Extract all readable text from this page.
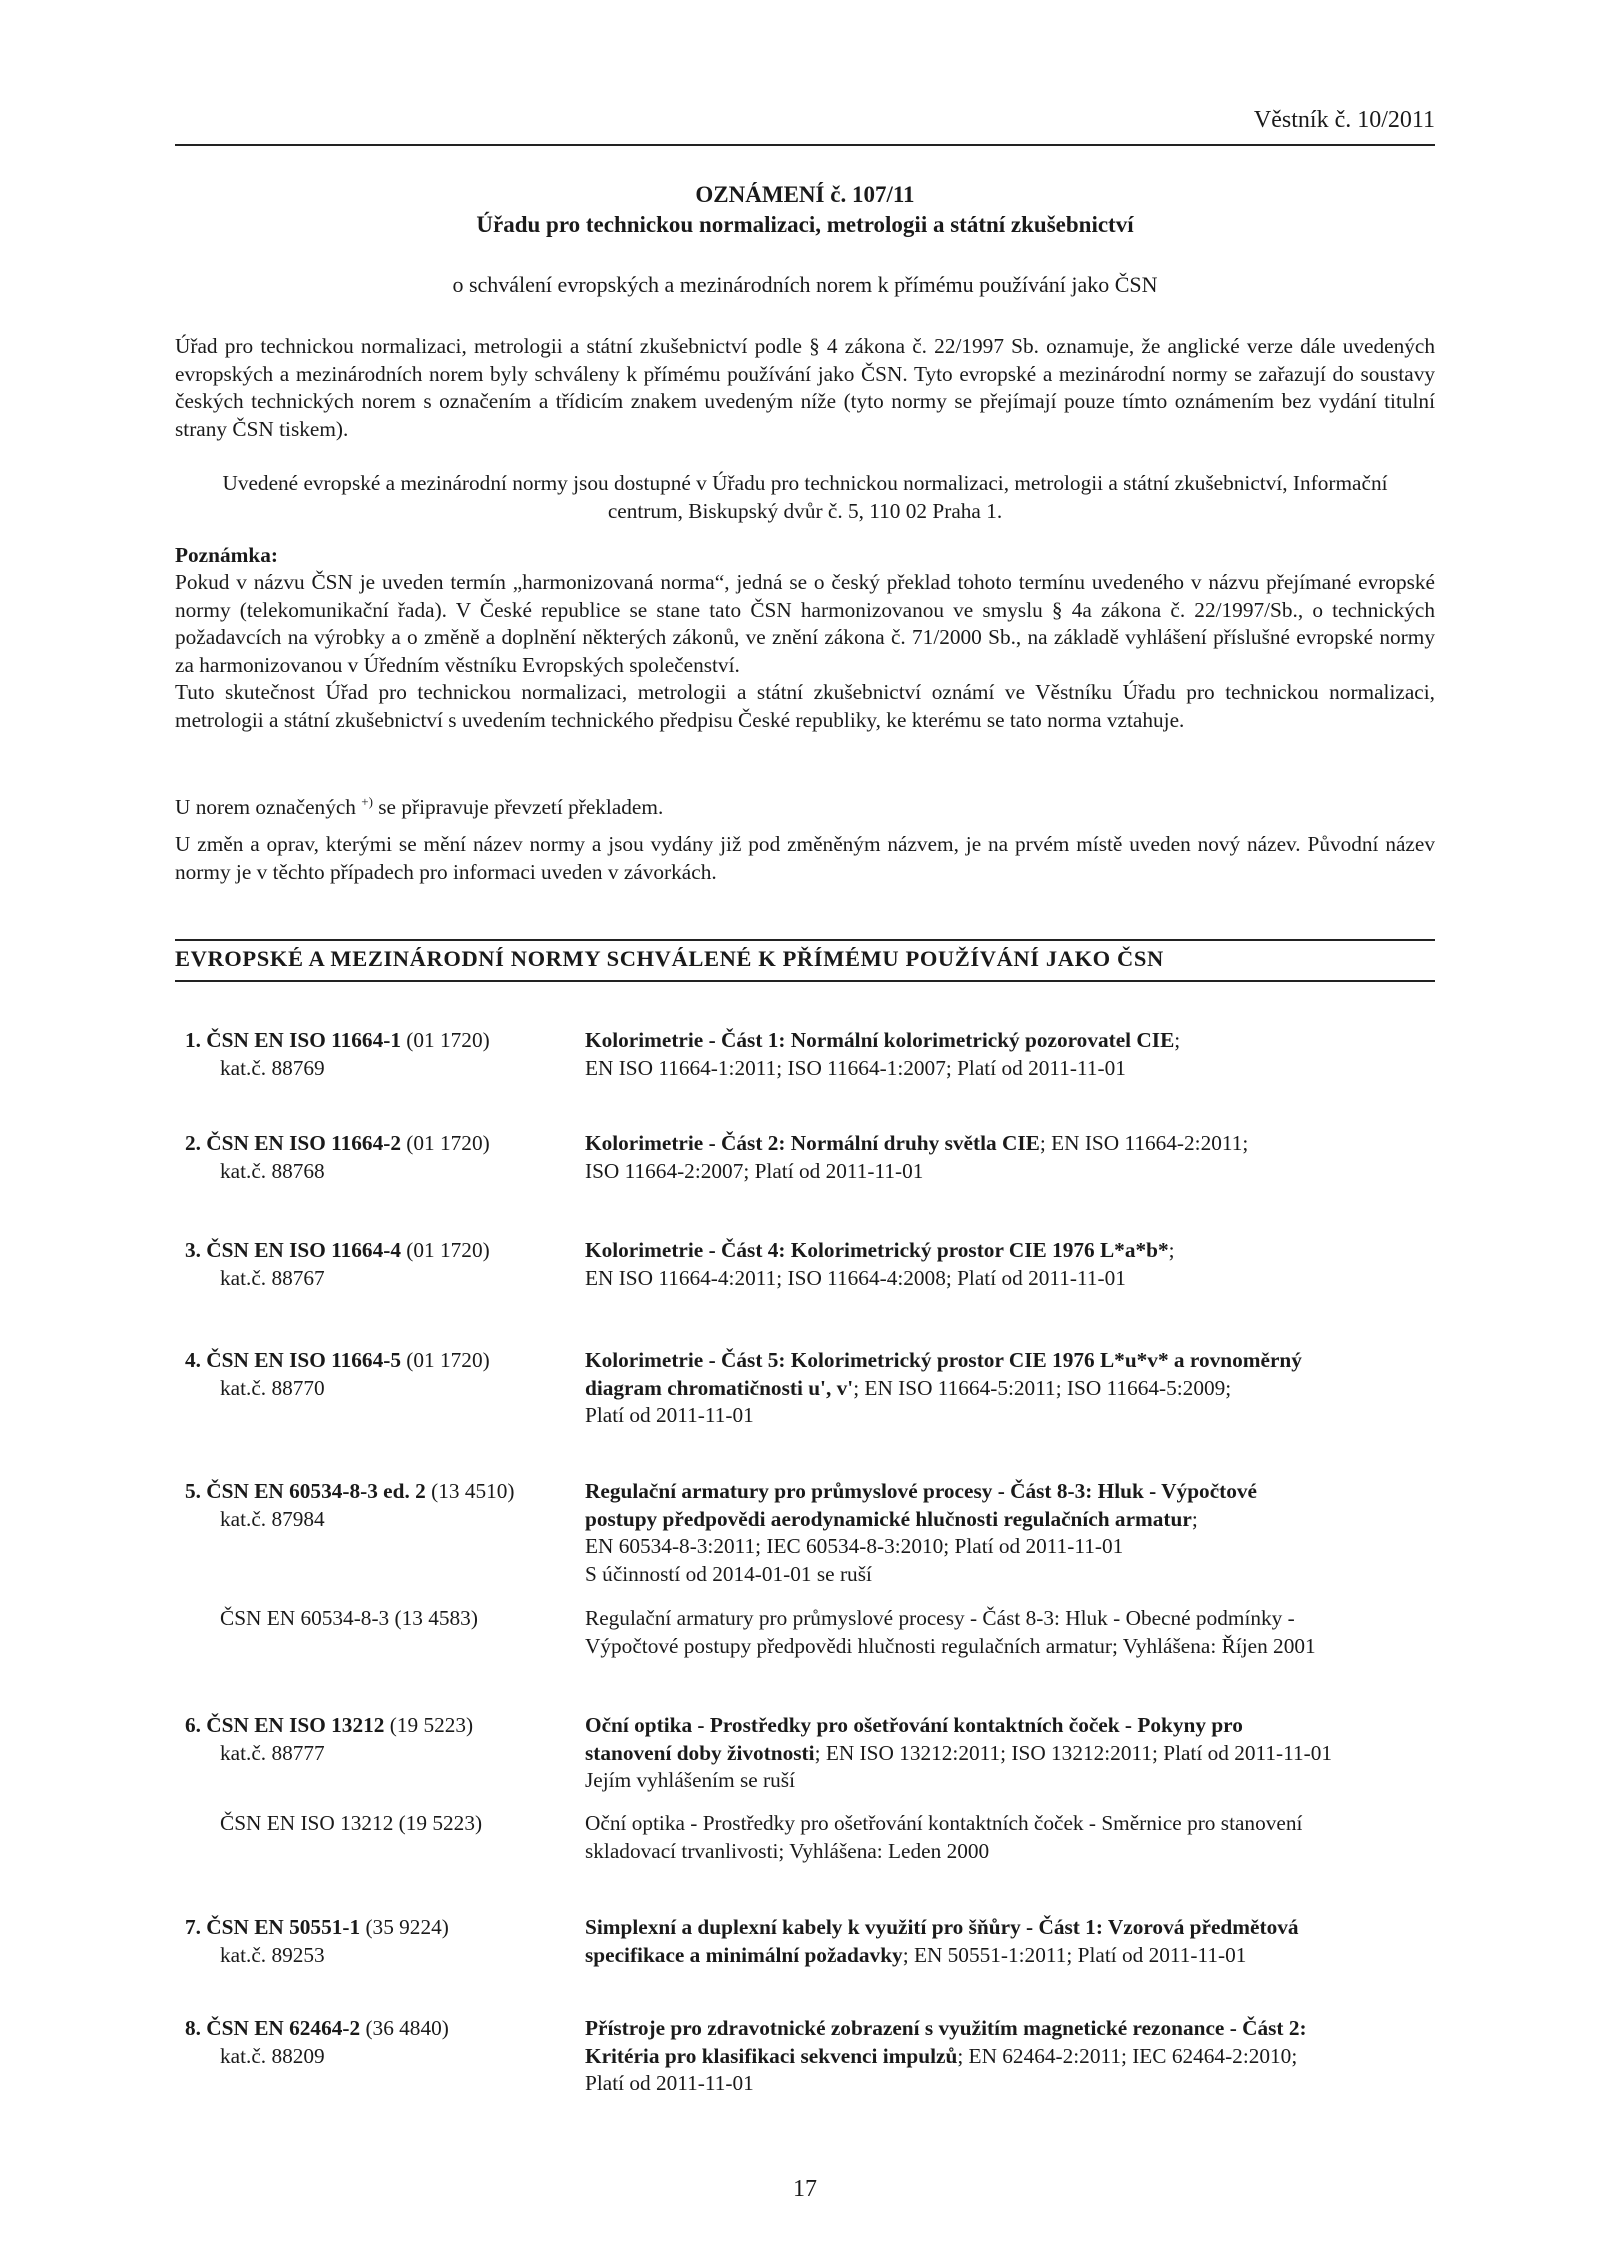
Věstník č. 10/2011
OZNÁMENÍ č. 107/11
Úřadu pro technickou normalizaci, metrologii a státní zkušebnictví
o schválení evropských a mezinárodních norem k přímému používání jako ČSN
Úřad pro technickou normalizaci, metrologii a státní zkušebnictví podle § 4 zákona č. 22/1997 Sb. oznamuje, že anglické verze dále uvedených evropských a mezinárodních norem byly schváleny k přímému používání jako ČSN. Tyto evropské a mezinárodní normy se zařazují do soustavy českých technických norem s označením a třídicím znakem uvedeným níže (tyto normy se přejímají pouze tímto oznámením bez vydání titulní strany ČSN tiskem).
Uvedené evropské a mezinárodní normy jsou dostupné v Úřadu pro technickou normalizaci, metrologii a státní zkušebnictví, Informační centrum, Biskupský dvůr č. 5, 110 02 Praha 1.
Poznámka:
Pokud v názvu ČSN je uveden termín „harmonizovaná norma“, jedná se o český překlad tohoto termínu uvedeného v názvu přejímané evropské normy (telekomunikační řada). V České republice se stane tato ČSN harmonizovanou ve smyslu § 4a zákona č. 22/1997/Sb., o technických požadavcích na výrobky a o změně a doplnění některých zákonů, ve znění zákona č. 71/2000 Sb., na základě vyhlášení příslušné evropské normy za harmonizovanou v Úředním věstníku Evropských společenství.
Tuto skutečnost Úřad pro technickou normalizaci, metrologii a státní zkušebnictví oznámí ve Věstníku Úřadu pro technickou normalizaci, metrologii a státní zkušebnictví s uvedením technického předpisu České republiky, ke kterému se tato norma vztahuje.
U norem označených +) se připravuje převzetí překladem.
U změn a oprav, kterými se mění název normy a jsou vydány již pod změněným názvem, je na prvém místě uveden nový název. Původní název normy je v těchto případech pro informaci uveden v závorkách.
EVROPSKÉ A MEZINÁRODNÍ NORMY SCHVÁLENÉ K PŘÍMÉMU POUŽÍVÁNÍ JAKO ČSN
1. ČSN EN ISO 11664-1 (01 1720)
kat.č. 88769
Kolorimetrie - Část 1: Normální kolorimetrický pozorovatel CIE;
EN ISO 11664-1:2011; ISO 11664-1:2007; Platí od 2011-11-01
2. ČSN EN ISO 11664-2 (01 1720)
kat.č. 88768
Kolorimetrie - Část 2: Normální druhy světla CIE; EN ISO 11664-2:2011;
ISO 11664-2:2007; Platí od 2011-11-01
3. ČSN EN ISO 11664-4 (01 1720)
kat.č. 88767
Kolorimetrie - Část 4: Kolorimetrický prostor CIE 1976 L*a*b*;
EN ISO 11664-4:2011; ISO 11664-4:2008; Platí od 2011-11-01
4. ČSN EN ISO 11664-5 (01 1720)
kat.č. 88770
Kolorimetrie - Část 5: Kolorimetrický prostor CIE 1976 L*u*v* a rovnoměrný
diagram chromatičnosti u', v'; EN ISO 11664-5:2011; ISO 11664-5:2009;
Platí od 2011-11-01
5. ČSN EN 60534-8-3 ed. 2 (13 4510)
kat.č. 87984
Regulační armatury pro průmyslové procesy - Část 8-3: Hluk - Výpočtové
postupy předpovědi aerodynamické hlučnosti regulačních armatur;
EN 60534-8-3:2011; IEC 60534-8-3:2010; Platí od 2011-11-01
S účinností od 2014-01-01 se ruší
ČSN EN 60534-8-3 (13 4583)	Regulační armatury pro průmyslové procesy - Část 8-3: Hluk - Obecné podmínky -
Výpočtové postupy předpovědi hlučnosti regulačních armatur; Vyhlášena: Říjen 2001
6. ČSN EN ISO 13212 (19 5223)
kat.č. 88777
Oční optika - Prostředky pro ošetřování kontaktních čoček - Pokyny pro
stanovení doby životnosti; EN ISO 13212:2011; ISO 13212:2011; Platí od 2011-11-01
Jejím vyhlášením se ruší
ČSN EN ISO 13212 (19 5223)	Oční optika - Prostředky pro ošetřování kontaktních čoček - Směrnice pro stanovení
skladovací trvanlivosti; Vyhlášena: Leden 2000
7. ČSN EN 50551-1 (35 9224)
kat.č. 89253
Simplexní a duplexní kabely k využití pro šňůry - Část 1: Vzorová předmětová
specifikace a minimální požadavky; EN 50551-1:2011; Platí od 2011-11-01
8. ČSN EN 62464-2 (36 4840)
kat.č. 88209
Přístroje pro zdravotnické zobrazení s využitím magnetické rezonance - Část 2:
Kritéria pro klasifikaci sekvenci impulzů; EN 62464-2:2011; IEC 62464-2:2010;
Platí od 2011-11-01
17
